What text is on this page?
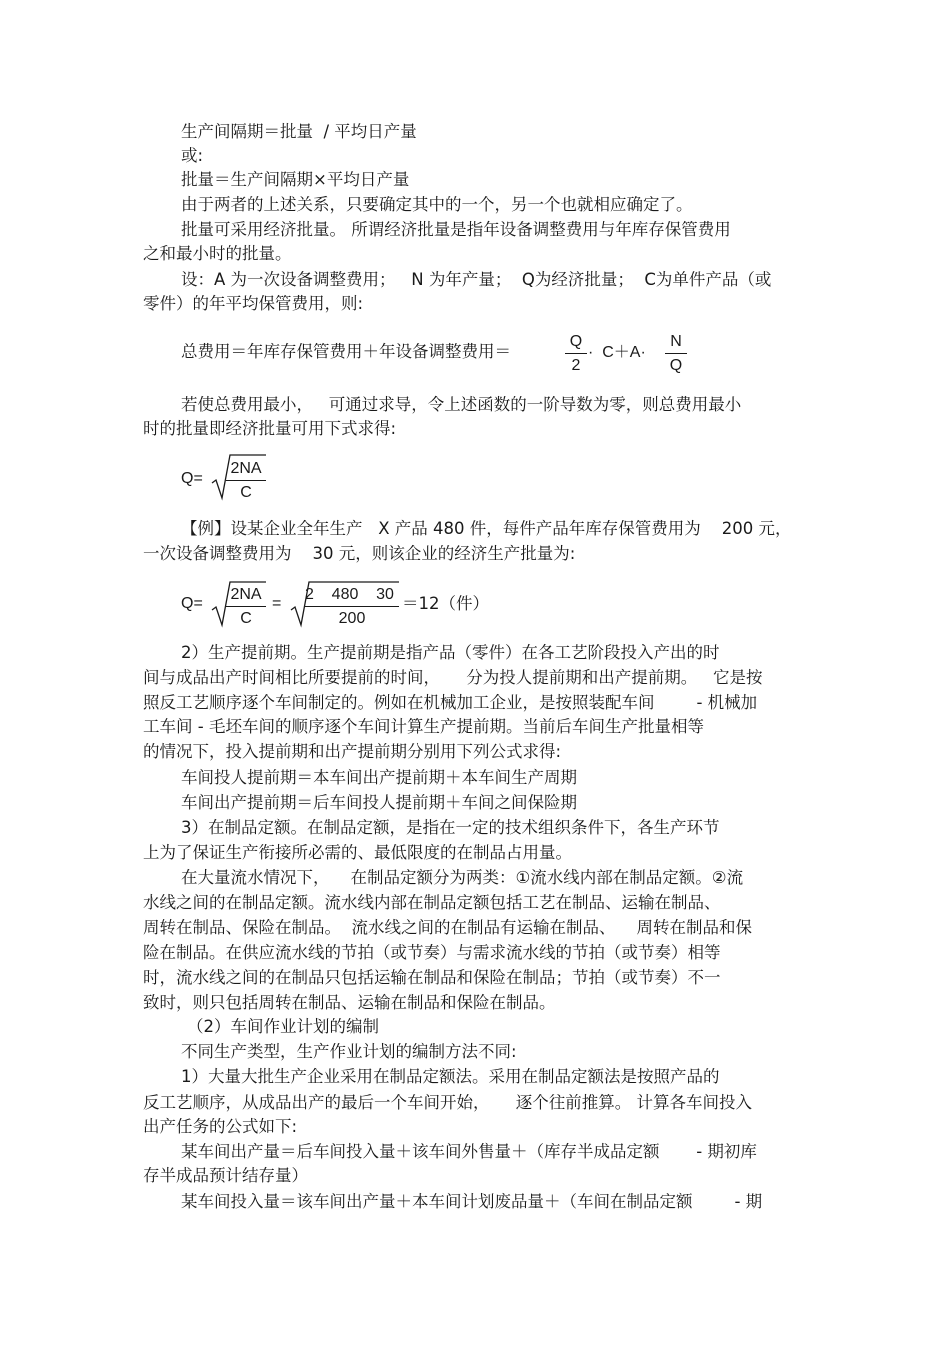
生产间隔期＝批量  / 平均日产量
或:
批量＝生产间隔期×平均日产量
由于两者的上述关系，只要确定其中的一个，另一个也就相应确定了。
批量可采用经济批量。 所谓经济批量是指年设备调整费用与年库存保管费用
之和最小时的批量。
设：A 为一次设备调整费用；   N 为年产量；  Q为经济批量；  C为单件产品（或
零件）的年平均保管费用，则:
总费用＝年库存保管费用＋年设备调整费用＝
Q
2
·  C＋A·
N
Q
若使总费用最小，   可通过求导，令上述函数的一阶导数为零，则总费用最小
时的批量即经济批量可用下式求得:
Q=
2NA
C
【例】设某企业全年生产   X 产品 480 件，每件产品年库存保管费用为    200 元，
一次设备调整费用为    30 元，则该企业的经济生产批量为:
Q=
2NA
C
=
2    480    30
200
＝12（件）
2）生产提前期。生产提前期是指产品（零件）在各工艺阶段投入产出的时
间与成品出产时间相比所要提前的时间，     分为投人提前期和出产提前期。   它是按
照反工艺顺序逐个车间制定的。例如在机械加工企业，是按照装配车间        - 机械加
工车间 - 毛坯车间的顺序逐个车间计算生产提前期。当前后车间生产批量相等
的情况下，投入提前期和出产提前期分别用下列公式求得:
车间投人提前期＝本车间出产提前期＋本车间生产周期
车间出产提前期＝后车间投人提前期＋车间之间保险期
3）在制品定额。在制品定额，是指在一定的技术组织条件下，各生产环节
上为了保证生产衔接所必需的、最低限度的在制品占用量。
在大量流水情况下，    在制品定额分为两类：①流水线内部在制品定额。②流
水线之间的在制品定额。流水线内部在制品定额包括工艺在制品、运输在制品、
周转在制品、保险在制品。  流水线之间的在制品有运输在制品、    周转在制品和保
险在制品。在供应流水线的节拍（或节奏）与需求流水线的节拍（或节奏）相等
时，流水线之间的在制品只包括运输在制品和保险在制品；节拍（或节奏）不一
致时，则只包括周转在制品、运输在制品和保险在制品。
（2）车间作业计划的编制
不同生产类型，生产作业计划的编制方法不同:
1）大量大批生产企业采用在制品定额法。采用在制品定额法是按照产品的
反工艺顺序，从成品出产的最后一个车间开始，     逐个往前推算。 计算各车间投入
出产任务的公式如下:
某车间出产量＝后车间投入量＋该车间外售量＋（库存半成品定额       - 期初库
存半成品预计结存量）
某车间投入量＝该车间出产量＋本车间计划废品量＋（车间在制品定额        - 期
